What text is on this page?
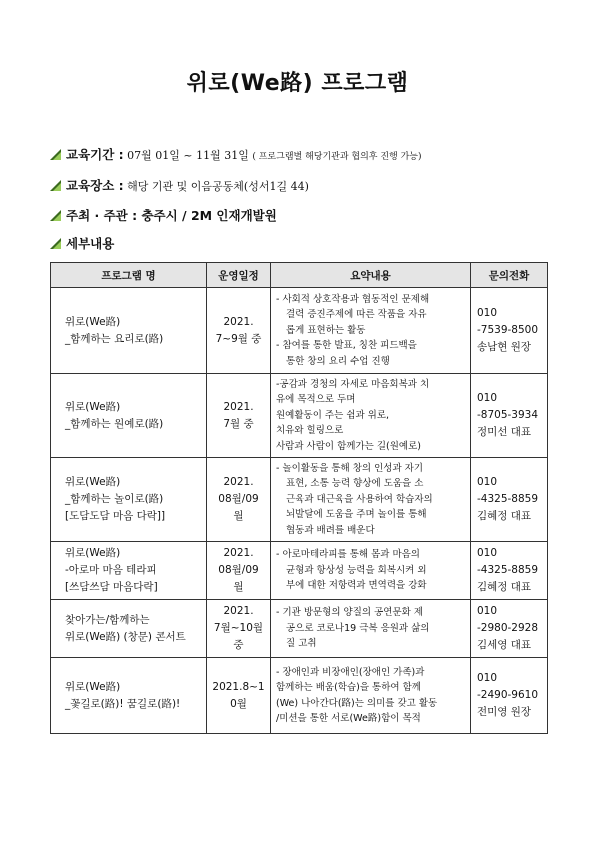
위로(We路) 프로그램
교육기간 : 07월 01일 ~ 11월 31일 ( 프로그램별 해당기관과 협의후 진행 가능)
교육장소 : 해당 기관 및 이음공동체(성서1길 44)
주최 · 주관 : 충주시 / 2M 인재개발원
세부내용
프로그램 명	운영일정	요약내용	문의전화

위로(We路)
_함께하는 요리로(路)	2021.
7~9월 중	- 사회적 상호작용과 협동적인 문제해
결력 증진주제에 따른 작품을 자유
롭게 표현하는 활동
- 참여를 통한 발표, 칭찬 피드백을
통한 창의 요리 수업 진행	010
-7539-8500
송남현 원장

위로(We路)
_함께하는 원예로(路)	2021.
7월 중	-공감과 경청의 자세로 마음회복과 치
유에 목적으로 두며
원예활동이 주는 쉼과 위로,
치유와 힐링으로
사람과 사람이 함께가는 길(원예로)	010
-8705-3934
정미선 대표

위로(We路)
_함께하는 놀이로(路)
[도담도담 마음 다락]]	2021.
08월/09
월	- 놀이활동을 통해 창의 인성과 자기
표현, 소통 능력 향상에 도움을 소
근육과 대근육을 사용하여 학습자의
뇌발달에 도움을 주며 놀이를 통해
협동과 배려를 배운다	010
-4325-8859
김혜정 대표

위로(We路)
-아로마 마음 테라피
[쓰담쓰담 마음다락]	2021.
08월/09
월	- 아로마테라피를 통해 몸과 마음의
균형과 항상성 능력을 회복시켜 외
부에 대한 저항력과 면역력을 강화	010
-4325-8859
김혜정 대표

찾아가는/함께하는
위로(We路) (창문) 콘서트	2021.
7월~10월
중	- 기관 방문형의 양질의 공연문화 제
공으로 코로나19 극복 응원과 삶의
질 고취	010
-2980-2928
김세영 대표

위로(We路)
_꽃길로(路)! 꿈길로(路)!	2021.8~1
0월	- 장애인과 비장애인(장애인 가족)과
함께하는 배움(학습)을 통하여 함께
(We) 나아간다(路)는 의미를 갖고 활동
/미션을 통한 서로(We路)함이 목적	010
-2490-9610
전미영 원장
